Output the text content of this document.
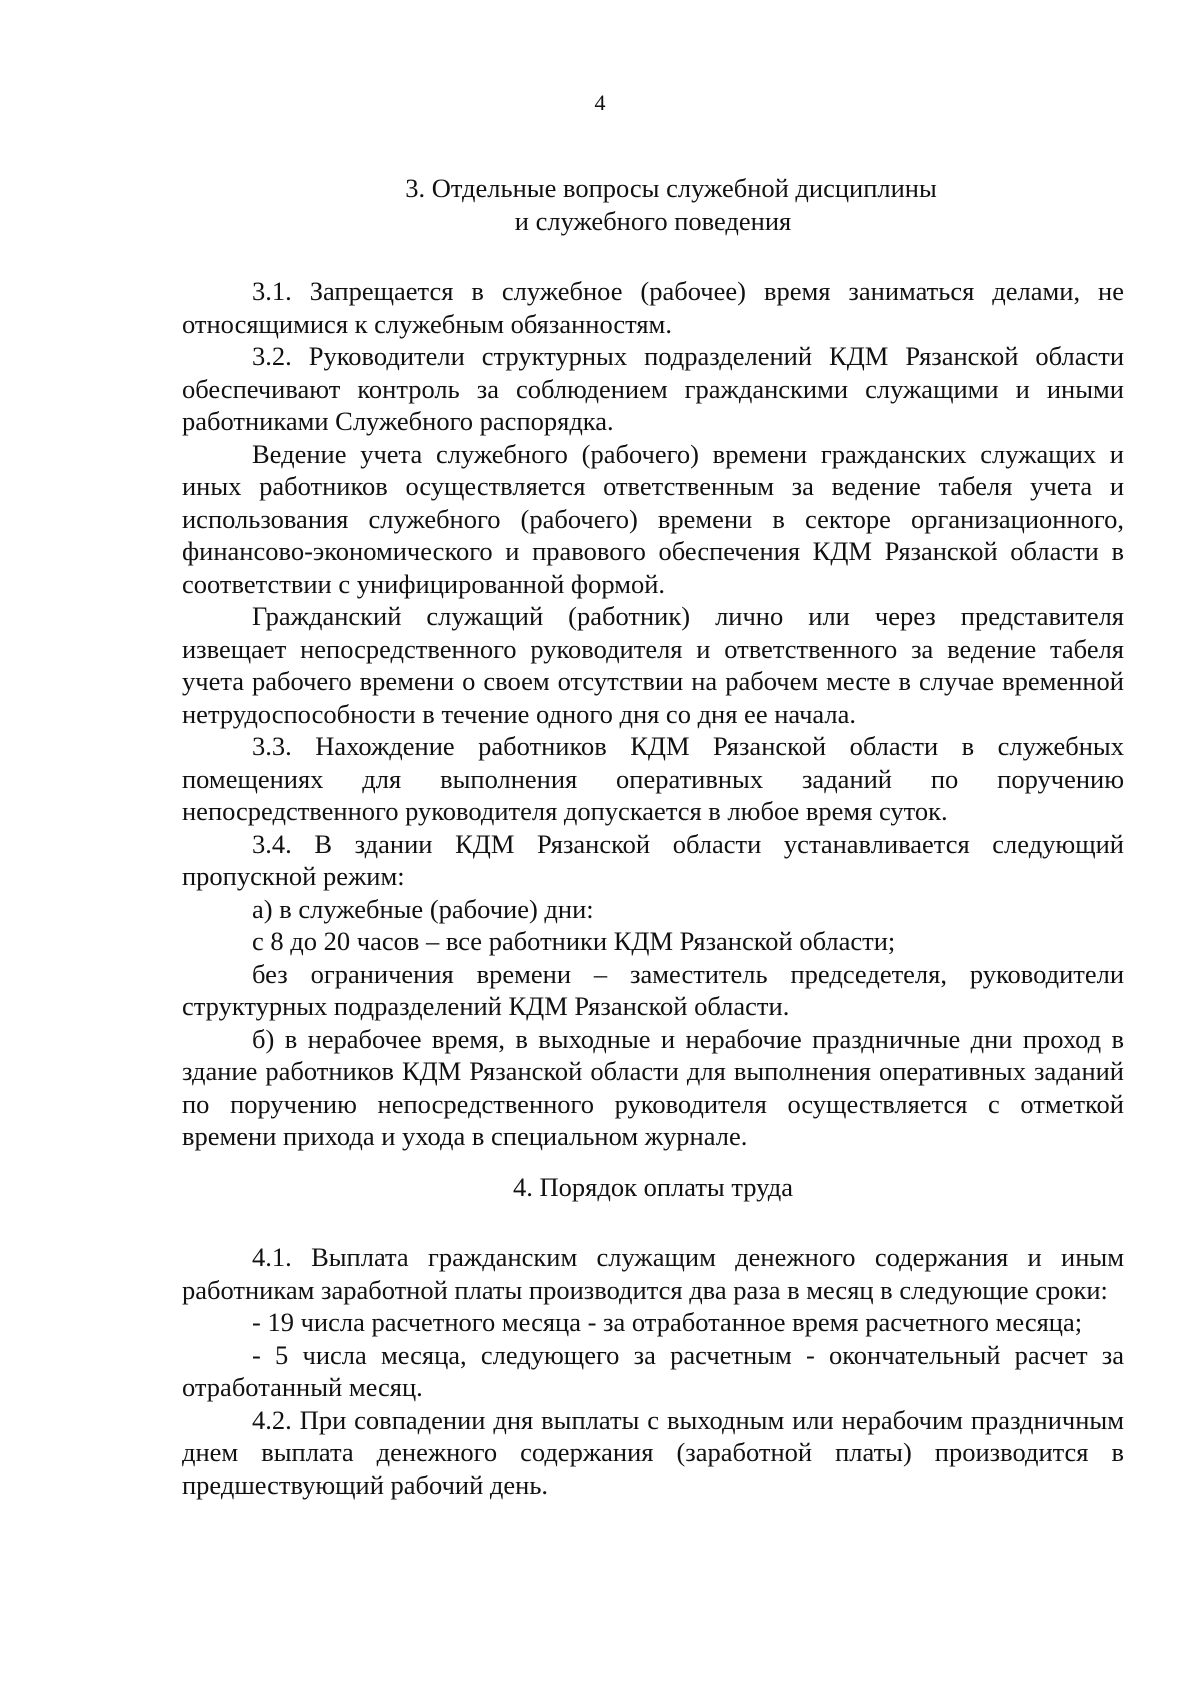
4
3. Отдельные вопросы служебной дисциплины
и служебного поведения

3.1. Запрещается в служебное (рабочее) время заниматься делами, не относящимися к служебным обязанностям.

3.2. Руководители структурных подразделений КДМ Рязанской области обеспечивают контроль за соблюдением гражданскими служащими и иными работниками Служебного распорядка.

Ведение учета служебного (рабочего) времени гражданских служащих и иных работников осуществляется ответственным за ведение табеля учета и использования служебного (рабочего) времени в секторе организационного, финансово-экономического и правового обеспечения КДМ Рязанской области в соответствии с унифицированной формой.

Гражданский служащий (работник) лично или через представителя извещает непосредственного руководителя и ответственного за ведение табеля учета рабочего времени о своем отсутствии на рабочем месте в случае временной нетрудоспособности в течение одного дня со дня ее начала.

3.3. Нахождение работников КДМ Рязанской области в служебных помещениях для выполнения оперативных заданий по поручению непосредственного руководителя допускается в любое время суток.

3.4. В здании КДМ Рязанской области устанавливается следующий пропускной режим:

а) в служебные (рабочие) дни:

с 8 до 20 часов – все работники КДМ Рязанской области;

без ограничения времени – заместитель председетеля, руководители структурных подразделений КДМ Рязанской области.

б) в нерабочее время, в выходные и нерабочие праздничные дни проход в здание работников КДМ Рязанской области для выполнения оперативных заданий по поручению непосредственного руководителя осуществляется с отметкой времени прихода и ухода в специальном журнале.

4. Порядок оплаты труда

4.1. Выплата гражданским служащим денежного содержания и иным работникам заработной платы производится два раза в месяц в следующие сроки:

- 19 числа расчетного месяца - за отработанное время расчетного месяца;

- 5 числа месяца, следующего за расчетным - окончательный расчет за отработанный месяц.

4.2. При совпадении дня выплаты с выходным или нерабочим праздничным днем выплата денежного содержания (заработной платы) производится в предшествующий рабочий день.
